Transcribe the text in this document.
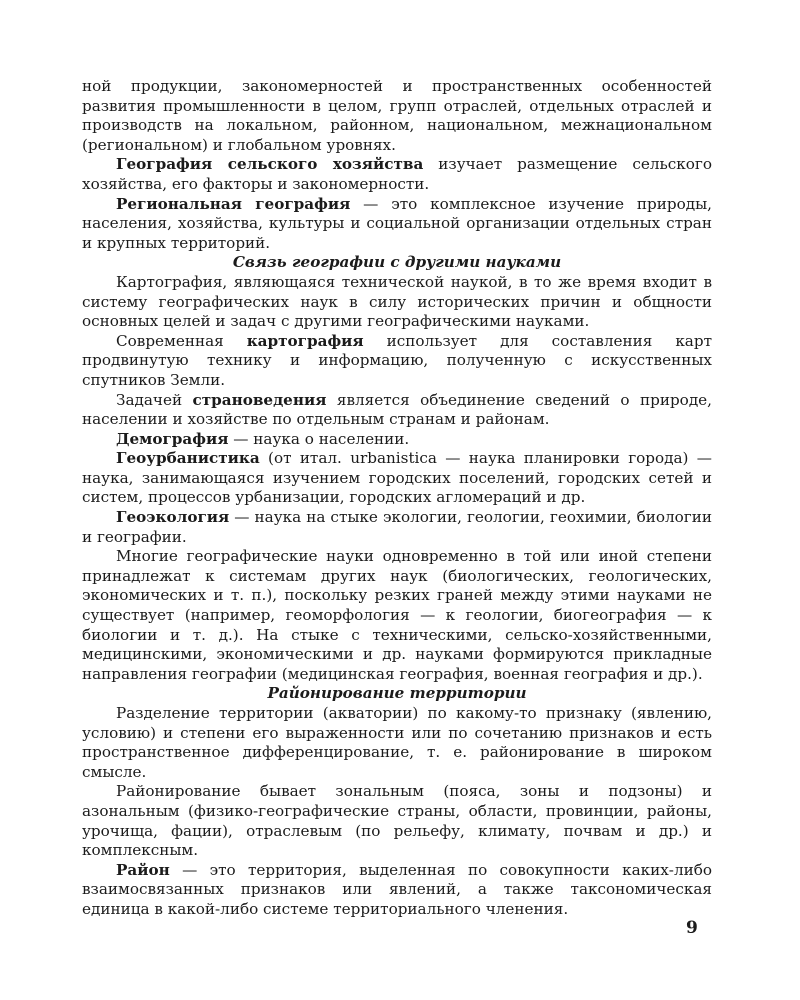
ной продукции, закономерностей и пространственных особенностей развития промышленности в целом, групп отраслей, отдельных отраслей и производств на локальном, районном, национальном, межнациональном (региональном) и глобальном уровнях.

География сельского хозяйства изучает размещение сельского хозяйства, его факторы и закономерности.

Региональная география — это комплексное изучение природы, населения, хозяйства, культуры и социальной организации отдельных стран и крупных территорий.

Связь географии с другими науками

Картография, являющаяся технической наукой, в то же время входит в систему географических наук в силу исторических причин и общности основных целей и задач с другими географическими науками.

Современная картография использует для составления карт продвинутую технику и информацию, полученную с искусственных спутников Земли.

Задачей страноведения является объединение сведений о природе, населении и хозяйстве по отдельным странам и районам.

Демография — наука о населении.

Геоурбанистика (от итал. urbanistica — наука планировки города) — наука, занимающаяся изучением городских поселений, городских сетей и систем, процессов урбанизации, городских агломераций и др.

Геоэкология — наука на стыке экологии, геологии, геохимии, биологии и географии.

Многие географические науки одновременно в той или иной степени принадлежат к системам других наук (биологических, геологических, экономических и т. п.), поскольку резких граней между этими науками не существует (например, геоморфология — к геологии, биогеография — к биологии и т. д.). На стыке с техническими, сельско-хозяйственными, медицинскими, экономическими и др. науками формируются прикладные направления географии (медицинская география, военная география и др.).

Районирование территории

Разделение территории (акватории) по какому-то признаку (явлению, условию) и степени его выраженности или по сочетанию признаков и есть пространственное дифференцирование, т. е. районирование в широком смысле.

Районирование бывает зональным (пояса, зоны и подзоны) и азональным (физико-географические страны, области, провинции, районы, урочища, фации), отраслевым (по рельефу, климату, почвам и др.) и комплексным.

Район — это территория, выделенная по совокупности каких-либо взаимосвязанных признаков или явлений, а также таксономическая единица в какой-либо системе территориального членения.

9
